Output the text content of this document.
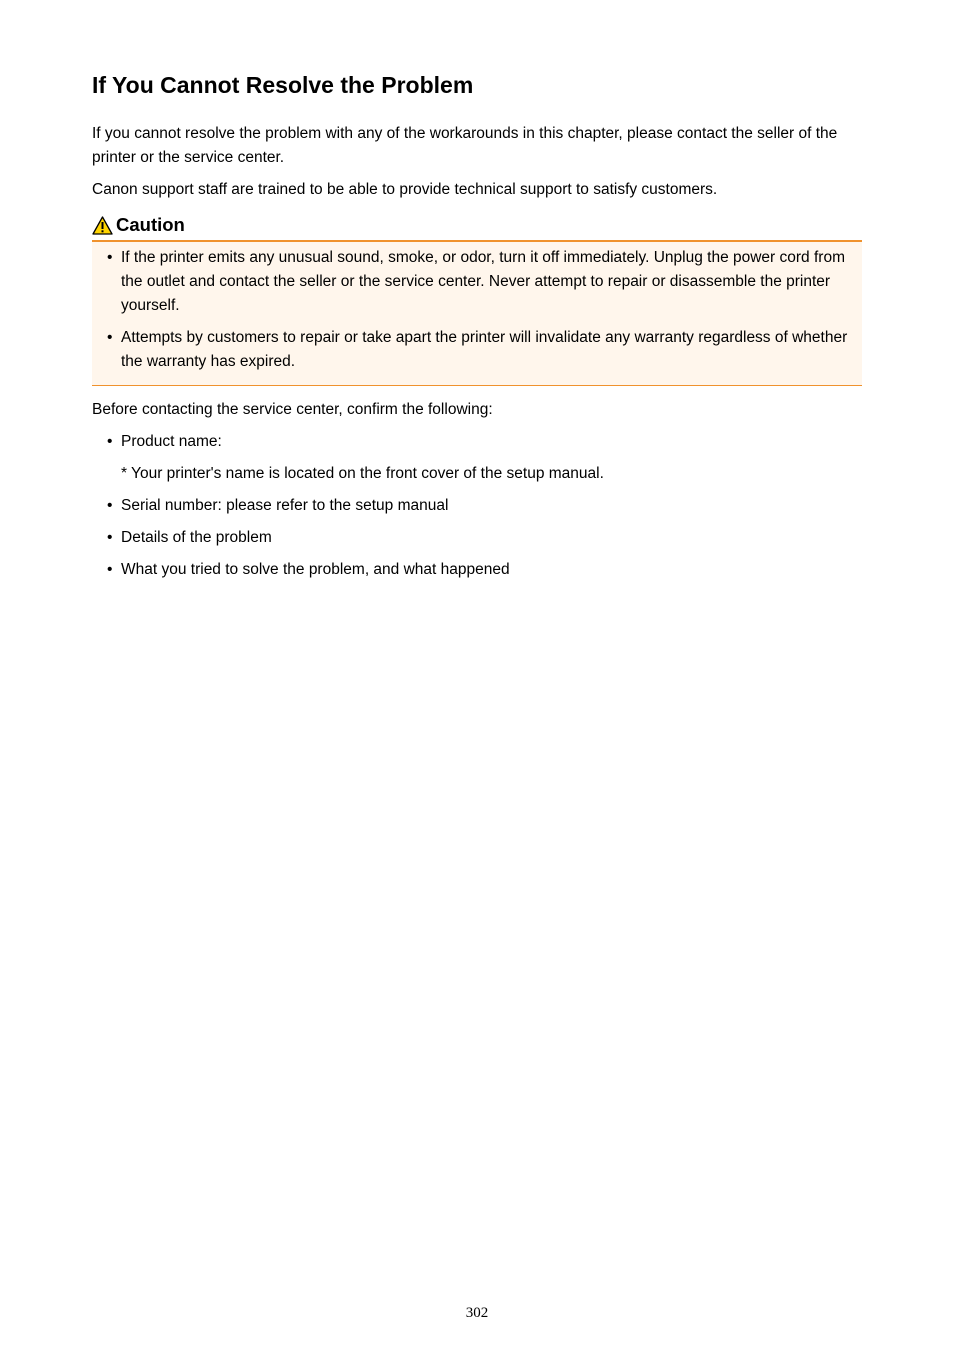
If You Cannot Resolve the Problem

If you cannot resolve the problem with any of the workarounds in this chapter, please contact the seller of the printer or the service center.

Canon support staff are trained to be able to provide technical support to satisfy customers.

Caution
• If the printer emits any unusual sound, smoke, or odor, turn it off immediately. Unplug the power cord from the outlet and contact the seller or the service center. Never attempt to repair or disassemble the printer yourself.
• Attempts by customers to repair or take apart the printer will invalidate any warranty regardless of whether the warranty has expired.

Before contacting the service center, confirm the following:

• Product name:
* Your printer's name is located on the front cover of the setup manual.
• Serial number: please refer to the setup manual
• Details of the problem
• What you tried to solve the problem, and what happened
302
